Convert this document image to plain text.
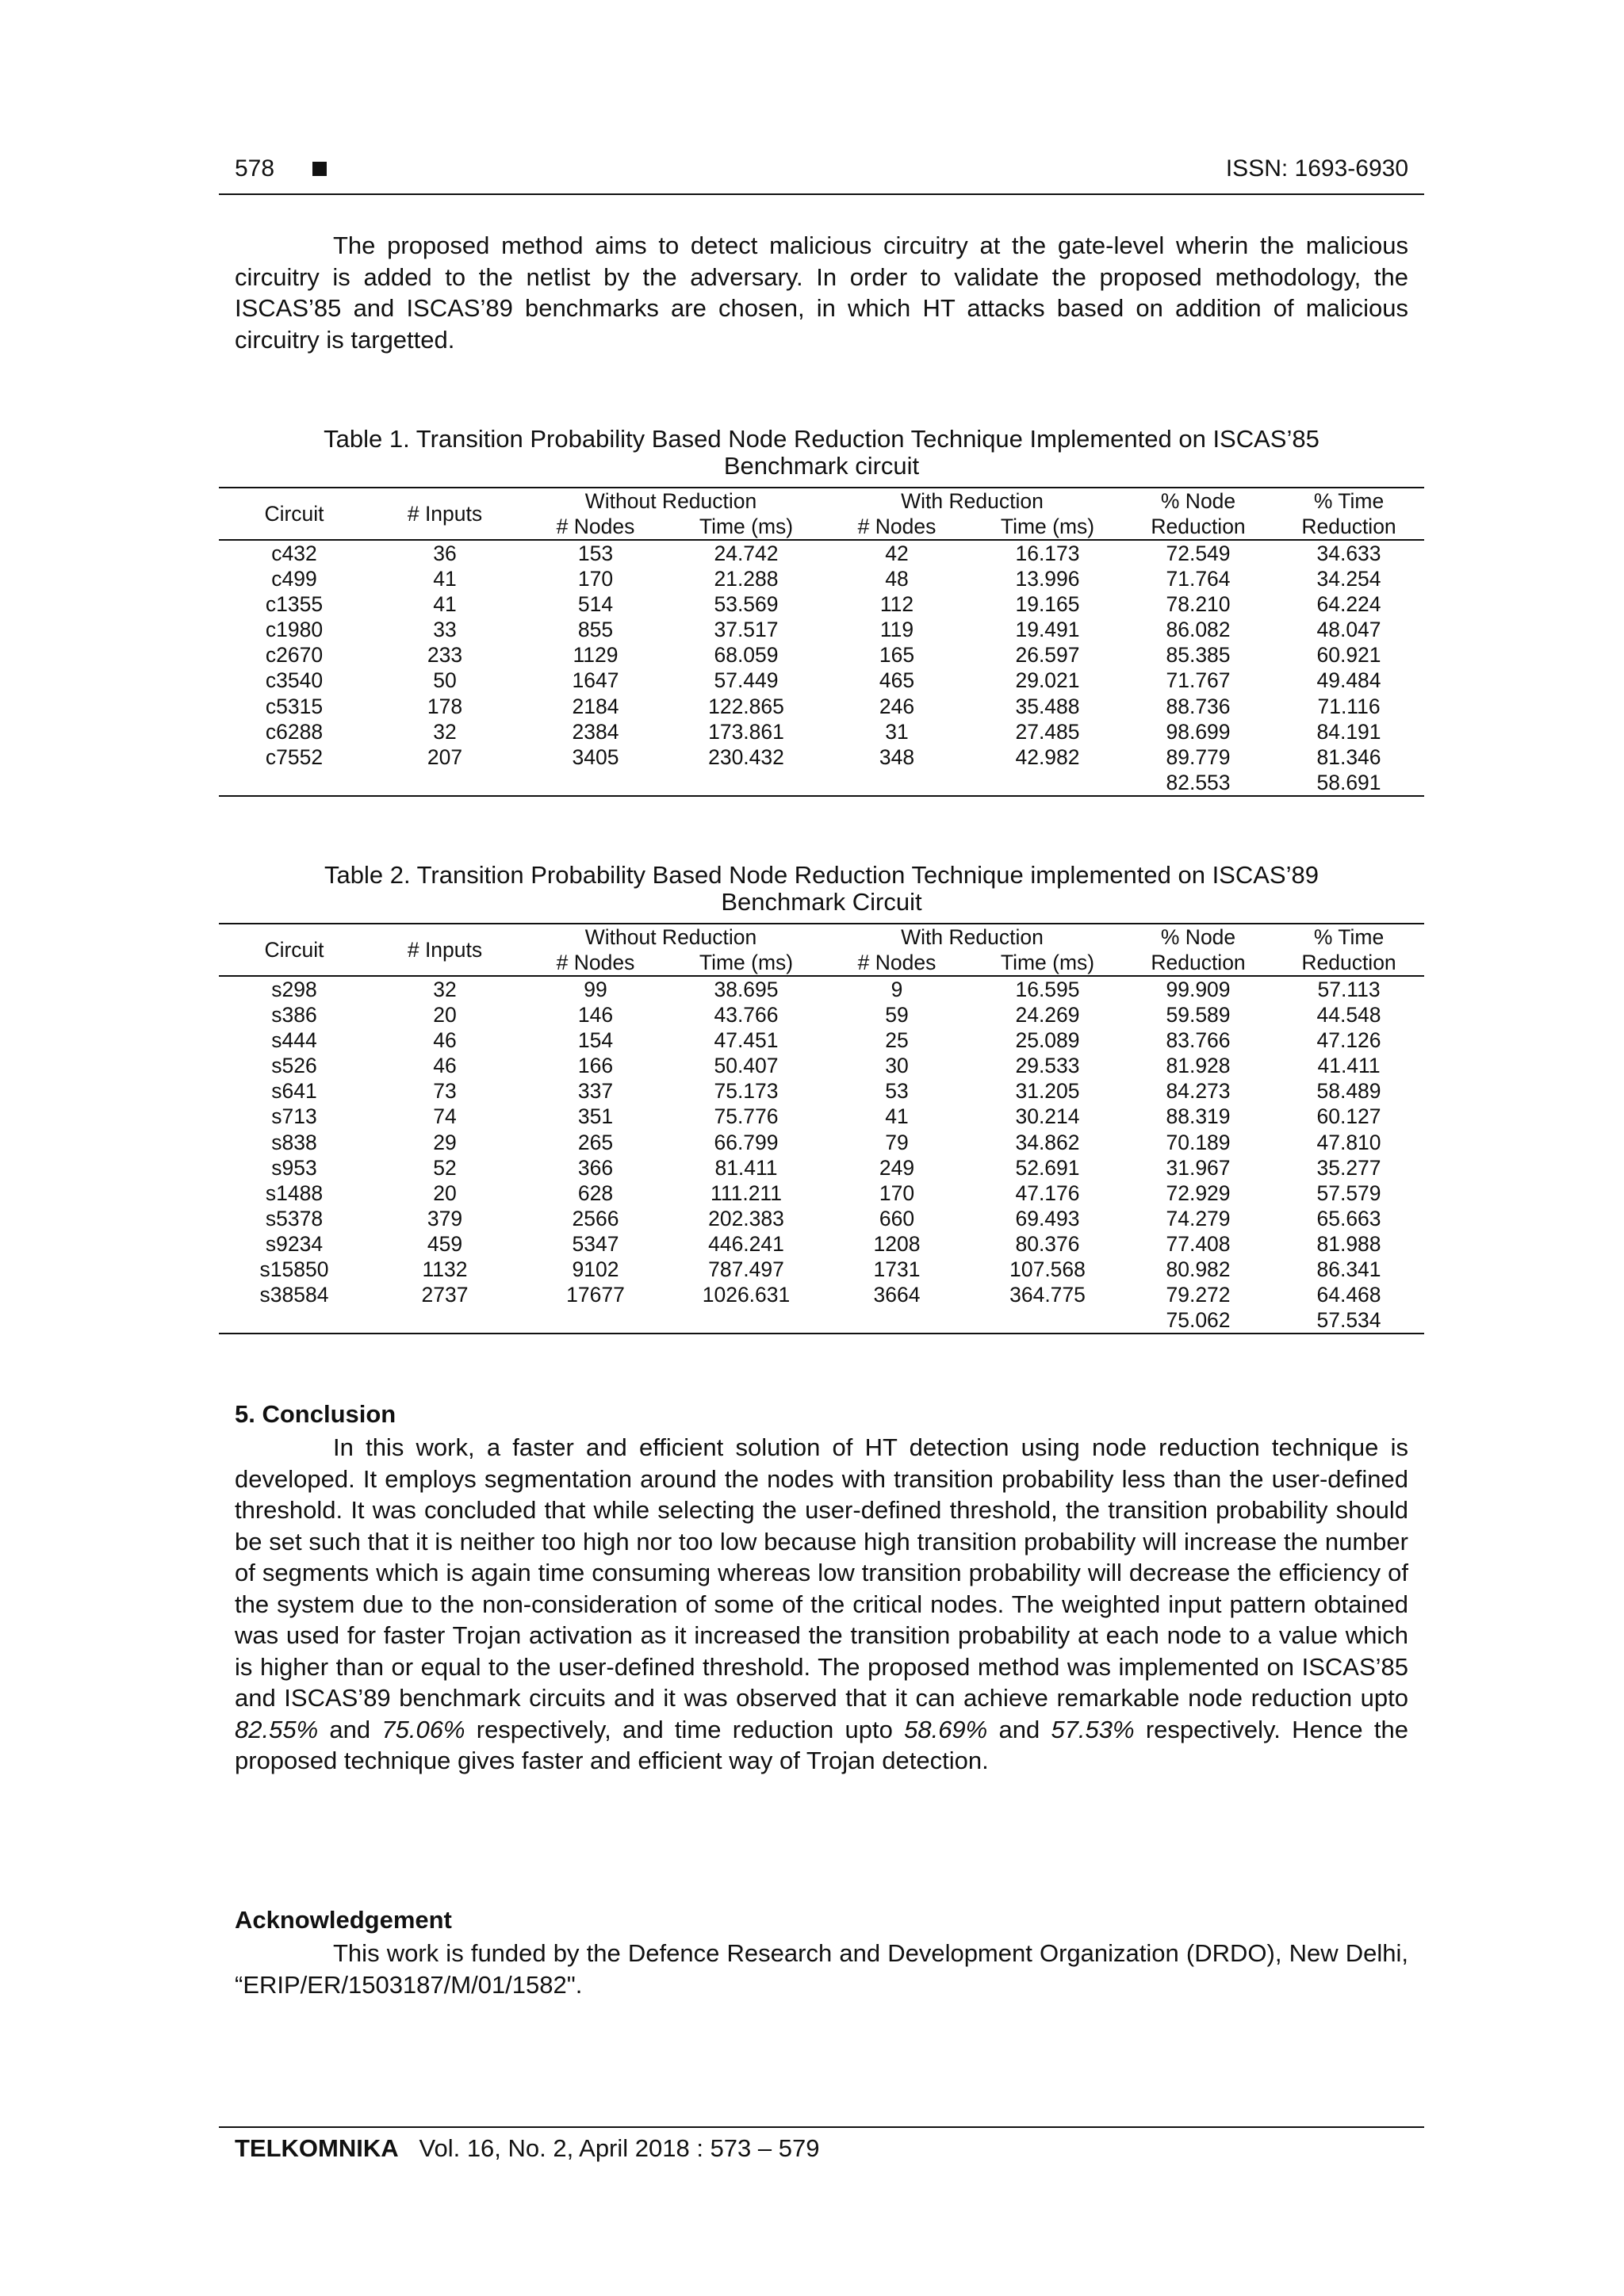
578	ISSN: 1693-6930

The proposed method aims to detect malicious circuitry at the gate-level wherin the malicious circuitry is added to the netlist by the adversary. In order to validate the proposed methodology, the ISCAS’85 and ISCAS’89 benchmarks are chosen, in which HT attacks based on addition of malicious circuitry is targetted.

Table 1. Transition Probability Based Node Reduction Technique Implemented on ISCAS’85
Benchmark circuit
Circuit	# Inputs	Without Reduction		With Reduction		% Node	% Time
		# Nodes	Time (ms)	# Nodes	Time (ms)	Reduction	Reduction
c432	36	153	24.742	42	16.173	72.549	34.633
c499	41	170	21.288	48	13.996	71.764	34.254
c1355	41	514	53.569	112	19.165	78.210	64.224
c1980	33	855	37.517	119	19.491	86.082	48.047
c2670	233	1129	68.059	165	26.597	85.385	60.921
c3540	50	1647	57.449	465	29.021	71.767	49.484
c5315	178	2184	122.865	246	35.488	88.736	71.116
c6288	32	2384	173.861	31	27.485	98.699	84.191
c7552	207	3405	230.432	348	42.982	89.779	81.346
						82.553	58.691
Table 2. Transition Probability Based Node Reduction Technique implemented on ISCAS’89
Benchmark Circuit
Circuit	# Inputs	Without Reduction		With Reduction		% Node	% Time
		# Nodes	Time (ms)	# Nodes	Time (ms)	Reduction	Reduction
s298	32	99	38.695	9	16.595	99.909	57.113
s386	20	146	43.766	59	24.269	59.589	44.548
s444	46	154	47.451	25	25.089	83.766	47.126
s526	46	166	50.407	30	29.533	81.928	41.411
s641	73	337	75.173	53	31.205	84.273	58.489
s713	74	351	75.776	41	30.214	88.319	60.127
s838	29	265	66.799	79	34.862	70.189	47.810
s953	52	366	81.411	249	52.691	31.967	35.277
s1488	20	628	111.211	170	47.176	72.929	57.579
s5378	379	2566	202.383	660	69.493	74.279	65.663
s9234	459	5347	446.241	1208	80.376	77.408	81.988
s15850	1132	9102	787.497	1731	107.568	80.982	86.341
s38584	2737	17677	1026.631	3664	364.775	79.272	64.468
						75.062	57.534
5. Conclusion

In this work, a faster and efficient solution of HT detection using node reduction technique is developed. It employs segmentation around the nodes with transition probability less than the user-defined threshold. It was concluded that while selecting the user-defined threshold, the transition probability should be set such that it is neither too high nor too low because high transition probability will increase the number of segments which is again time consuming whereas low transition probability will decrease the efficiency of the system due to the non-consideration of some of the critical nodes. The weighted input pattern obtained was used for faster Trojan activation as it increased the transition probability at each node to a value which is higher than or equal to the user-defined threshold. The proposed method was implemented on ISCAS’85 and ISCAS’89 benchmark circuits and it was observed that it can achieve remarkable node reduction upto 82.55% and 75.06% respectively, and time reduction upto 58.69% and 57.53% respectively. Hence the proposed technique gives faster and efficient way of Trojan detection.

Acknowledgement

This work is funded by the Defence Research and Development Organization (DRDO), New Delhi, “ERIP/ER/1503187/M/01/1582".

TELKOMNIKA Vol. 16, No. 2, April 2018 : 573 – 579
